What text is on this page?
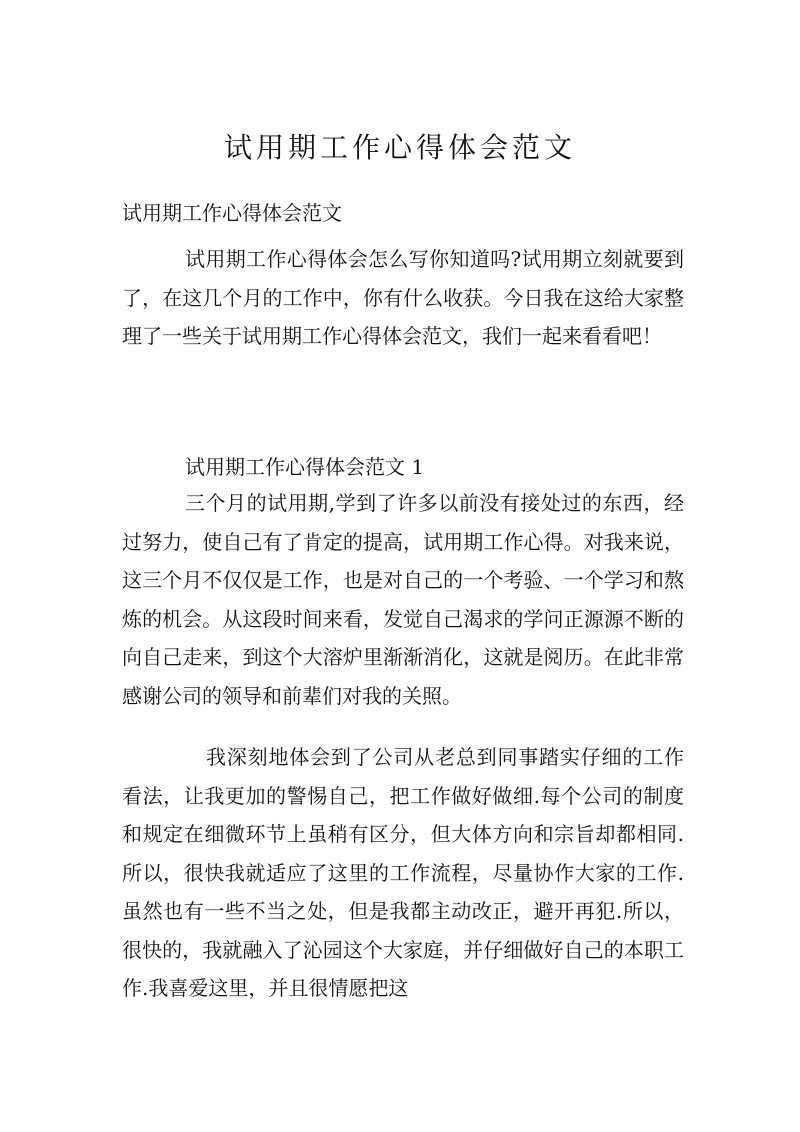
试用期工作心得体会范文

试用期工作心得体会范文

试用期工作心得体会怎么写你知道吗?试用期立刻就要到了，在这几个月的工作中，你有什么收获。今日我在这给大家整理了一些关于试用期工作心得体会范文，我们一起来看看吧！

试用期工作心得体会范文 1

三个月的试用期,学到了许多以前没有接处过的东西，经过努力，使自己有了肯定的提高，试用期工作心得。对我来说，这三个月不仅仅是工作，也是对自己的一个考验、一个学习和熬炼的机会。从这段时间来看，发觉自己渴求的学问正源源不断的向自己走来，到这个大溶炉里渐渐消化，这就是阅历。在此非常感谢公司的领导和前辈们对我的关照。

我深刻地体会到了公司从老总到同事踏实仔细的工作看法，让我更加的警惕自己，把工作做好做细.每个公司的制度和规定在细微环节上虽稍有区分，但大体方向和宗旨却都相同.所以，很快我就适应了这里的工作流程，尽量协作大家的工作.虽然也有一些不当之处，但是我都主动改正，避开再犯.所以，很快的，我就融入了沁园这个大家庭，并仔细做好自己的本职工作.我喜爱这里，并且很情愿把这
